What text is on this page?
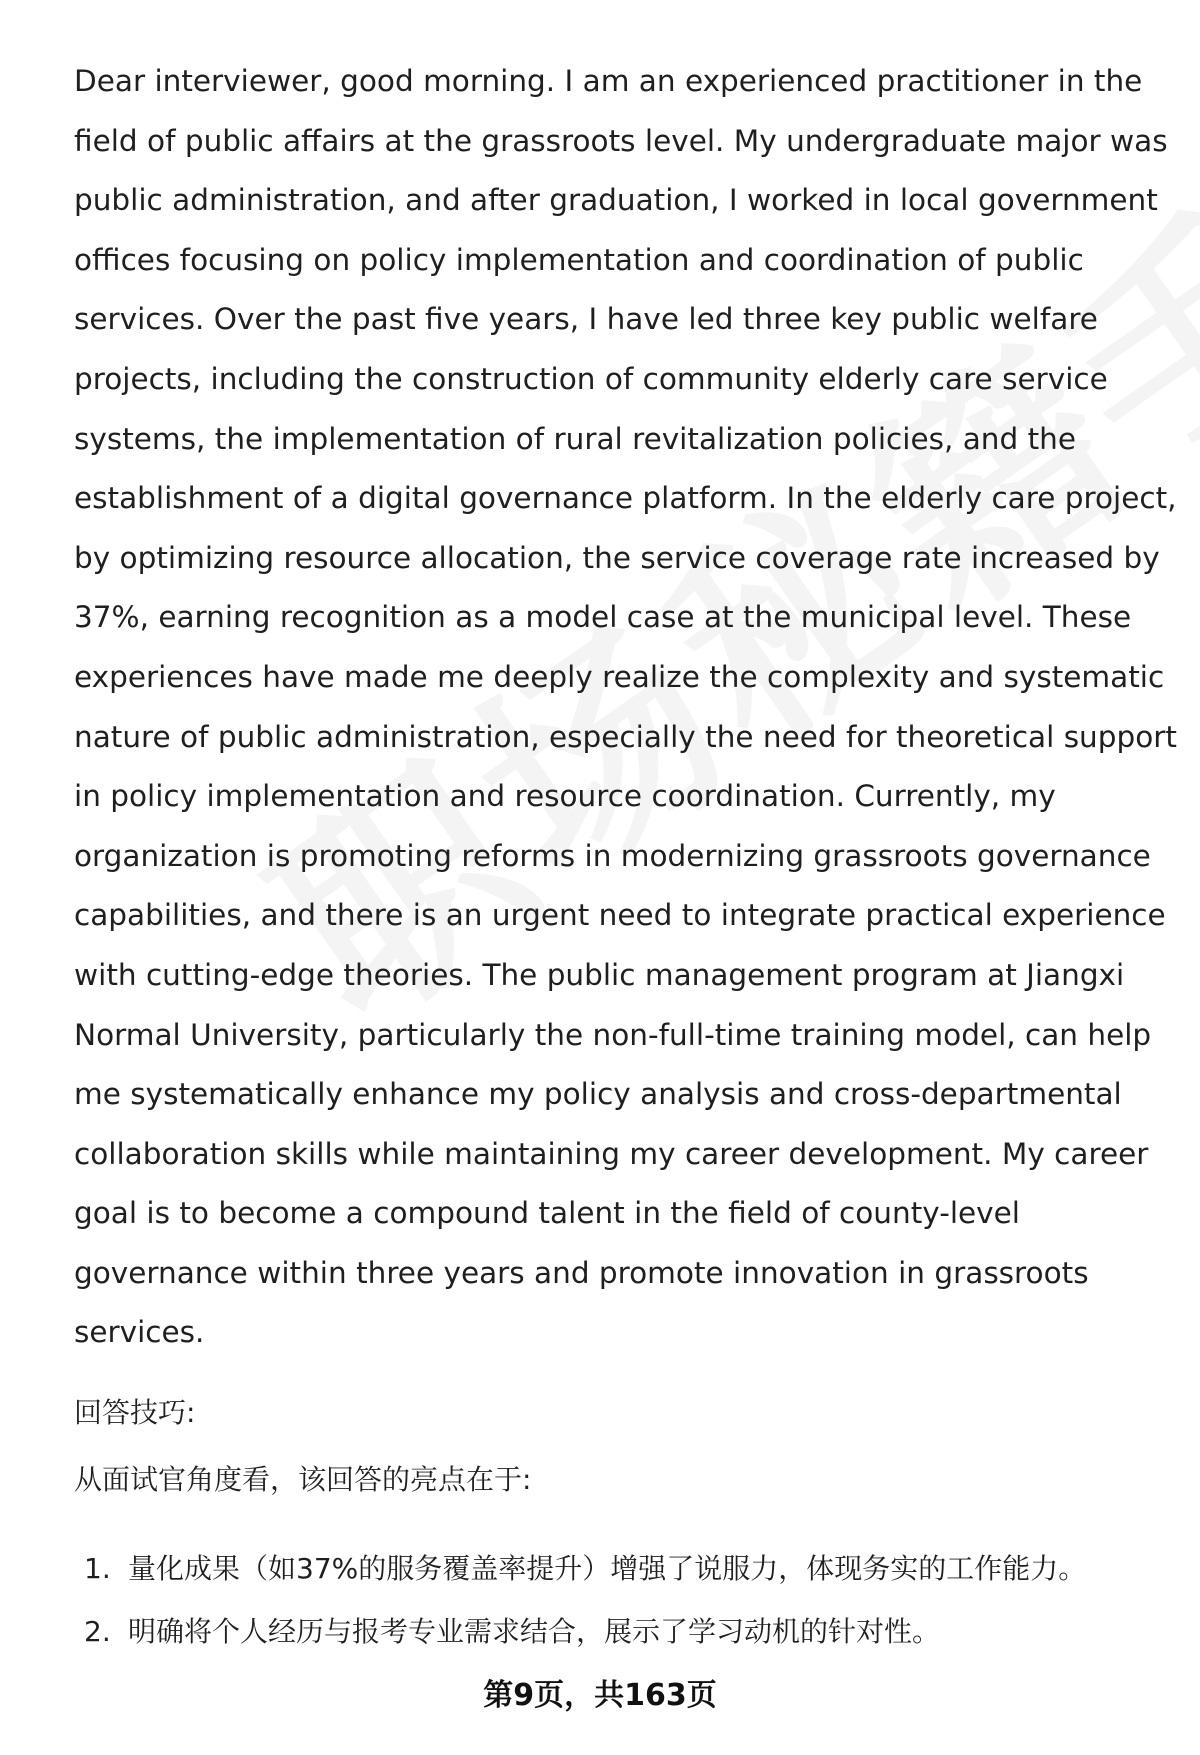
Dear interviewer, good morning. I am an experienced practitioner in the
field of public affairs at the grassroots level. My undergraduate major was
public administration, and after graduation, I worked in local government
offices focusing on policy implementation and coordination of public
services. Over the past five years, I have led three key public welfare
projects, including the construction of community elderly care service
systems, the implementation of rural revitalization policies, and the
establishment of a digital governance platform. In the elderly care project,
by optimizing resource allocation, the service coverage rate increased by
37%, earning recognition as a model case at the municipal level. These
experiences have made me deeply realize the complexity and systematic
nature of public administration, especially the need for theoretical support
in policy implementation and resource coordination. Currently, my
organization is promoting reforms in modernizing grassroots governance
capabilities, and there is an urgent need to integrate practical experience
with cutting-edge theories. The public management program at Jiangxi
Normal University, particularly the non-full-time training model, can help
me systematically enhance my policy analysis and cross-departmental
collaboration skills while maintaining my career development. My career
goal is to become a compound talent in the field of county-level
governance within three years and promote innovation in grassroots
services.

回答技巧:

从面试官角度看，该回答的亮点在于:

1. 量化成果（如37%的服务覆盖率提升）增强了说服力，体现务实的工作能力。
2. 明确将个人经历与报考专业需求结合，展示了学习动机的针对性。
第9页，共163页
